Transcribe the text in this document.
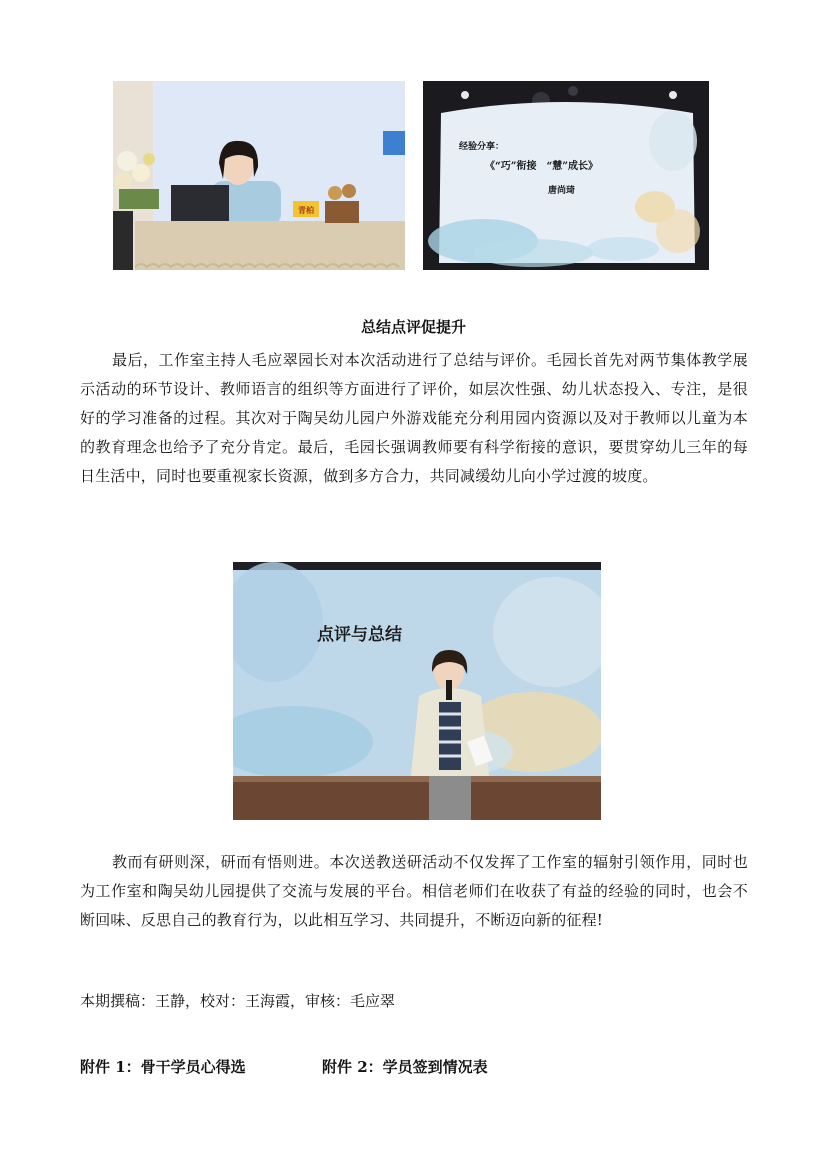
青柏
经验分享：
《“巧”衔接　“慧”成长》
唐尚琦
总结点评促提升
最后，工作室主持人毛应翠园长对本次活动进行了总结与评价。毛园长首先对两节集体教学展示活动的环节设计、教师语言的组织等方面进行了评价，如层次性强、幼儿状态投入、专注，是很好的学习准备的过程。其次对于陶吴幼儿园户外游戏能充分利用园内资源以及对于教师以儿童为本的教育理念也给予了充分肯定。最后，毛园长强调教师要有科学衔接的意识，要贯穿幼儿三年的每日生活中，同时也要重视家长资源，做到多方合力，共同减缓幼儿向小学过渡的坡度。
点评与总结
教而有研则深，研而有悟则进。本次送教送研活动不仅发挥了工作室的辐射引领作用，同时也为工作室和陶吴幼儿园提供了交流与发展的平台。相信老师们在收获了有益的经验的同时，也会不断回味、反思自己的教育行为，以此相互学习、共同提升，不断迈向新的征程!
本期撰稿：王静，校对：王海霞，审核：毛应翠
附件 1：骨干学员心得选	附件 2：学员签到情况表
